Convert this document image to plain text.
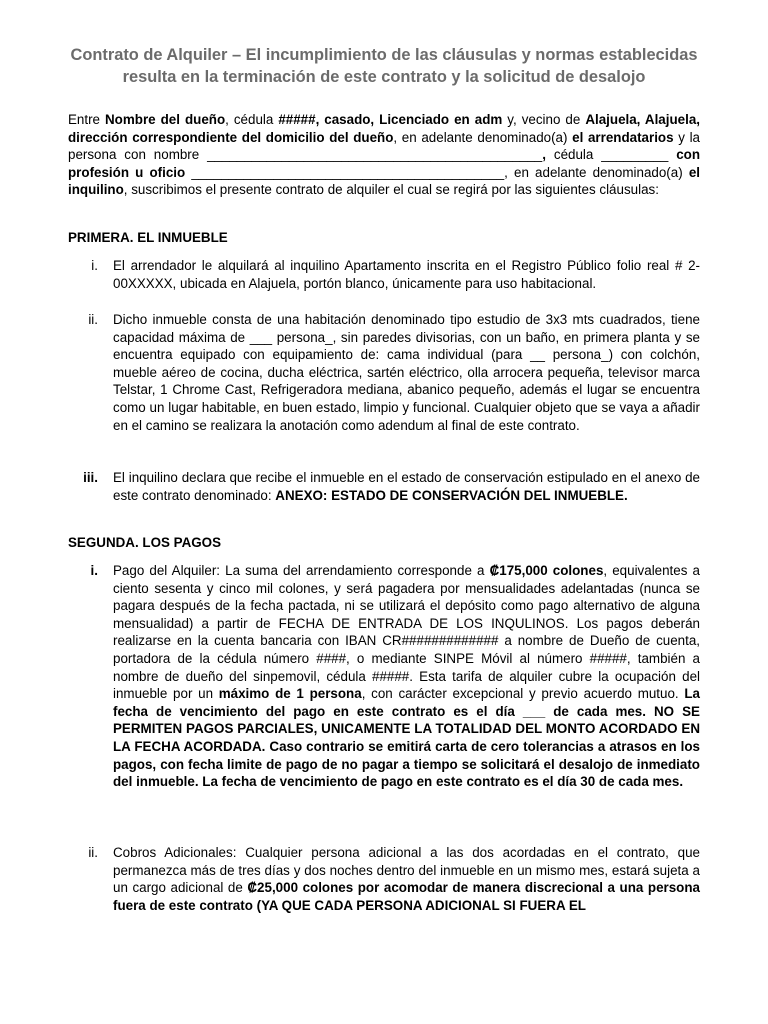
Contrato de Alquiler – El incumplimiento de las cláusulas y normas establecidas resulta en la terminación de este contrato y la solicitud de desalojo

Entre Nombre del dueño, cédula #####, casado, Licenciado en adm y, vecino de Alajuela, Alajuela, dirección correspondiente del domicilio del dueño, en adelante denominado(a) el arrendatarios y la persona con nombre _____________________________________________, cédula _________ con profesión u oficio __________________________________________, en adelante denominado(a) el inquilino, suscribimos el presente contrato de alquiler el cual se regirá por las siguientes cláusulas:

PRIMERA. EL INMUEBLE

i. El arrendador le alquilará al inquilino Apartamento inscrita en el Registro Público folio real # 2-00XXXXX, ubicada en Alajuela, portón blanco, únicamente para uso habitacional.
ii. Dicho inmueble consta de una habitación denominado tipo estudio de 3x3 mts cuadrados, tiene capacidad máxima de ___ persona_, sin paredes divisorias, con un baño, en primera planta y se encuentra equipado con equipamiento de: cama individual (para __ persona_) con colchón, mueble aéreo de cocina, ducha eléctrica, sartén eléctrico, olla arrocera pequeña, televisor marca Telstar, 1 Chrome Cast, Refrigeradora mediana, abanico pequeño, además el lugar se encuentra como un lugar habitable, en buen estado, limpio y funcional. Cualquier objeto que se vaya a añadir en el camino se realizara la anotación como adendum al final de este contrato.
iii. El inquilino declara que recibe el inmueble en el estado de conservación estipulado en el anexo de este contrato denominado: ANEXO: ESTADO DE CONSERVACIÓN DEL INMUEBLE.

SEGUNDA. LOS PAGOS

i. Pago del Alquiler: La suma del arrendamiento corresponde a ₡175,000 colones, equivalentes a ciento sesenta y cinco mil colones, y será pagadera por mensualidades adelantadas (nunca se pagara después de la fecha pactada, ni se utilizará el depósito como pago alternativo de alguna mensualidad) a partir de FECHA DE ENTRADA DE LOS INQULINOS. Los pagos deberán realizarse en la cuenta bancaria con IBAN CR############# a nombre de Dueño de cuenta, portadora de la cédula número ####, o mediante SINPE Móvil al número #####, también a nombre de dueño del sinpemovil, cédula #####. Esta tarifa de alquiler cubre la ocupación del inmueble por un máximo de 1 persona, con carácter excepcional y previo acuerdo mutuo. La fecha de vencimiento del pago en este contrato es el día ___ de cada mes. NO SE PERMITEN PAGOS PARCIALES, UNICAMENTE LA TOTALIDAD DEL MONTO ACORDADO EN LA FECHA ACORDADA. Caso contrario se emitirá carta de cero tolerancias a atrasos en los pagos, con fecha limite de pago de no pagar a tiempo se solicitará el desalojo de inmediato del inmueble. La fecha de vencimiento de pago en este contrato es el día 30 de cada mes.
ii. Cobros Adicionales: Cualquier persona adicional a las dos acordadas en el contrato, que permanezca más de tres días y dos noches dentro del inmueble en un mismo mes, estará sujeta a un cargo adicional de ₡25,000 colones por acomodar de manera discrecional a una persona fuera de este contrato (YA QUE CADA PERSONA ADICIONAL SI FUERA EL
